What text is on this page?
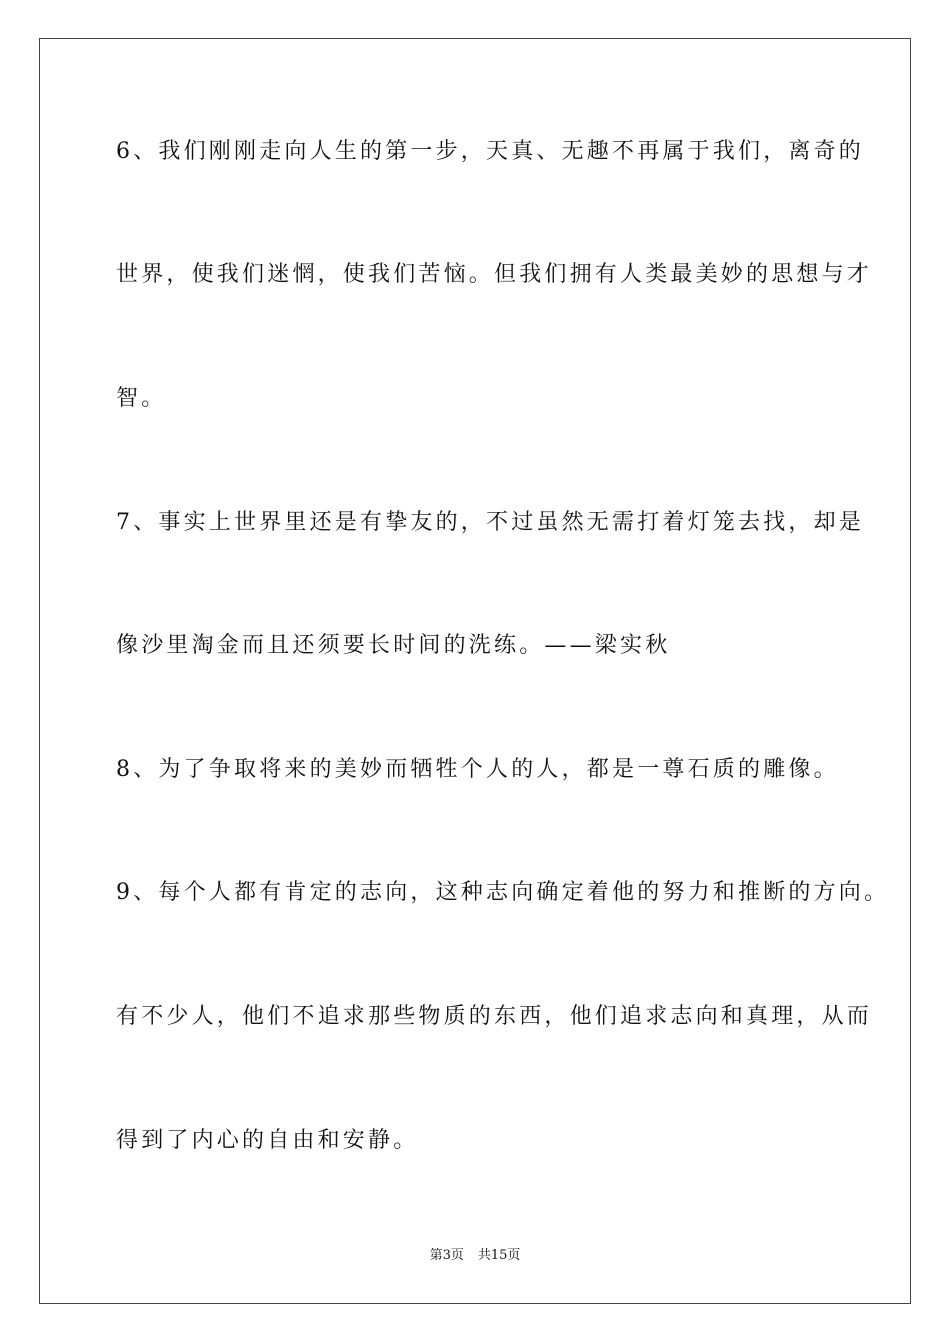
6、我们刚刚走向人生的第一步，天真、无趣不再属于我们，离奇的
世界，使我们迷惘，使我们苦恼。但我们拥有人类最美妙的思想与才
智。
7、事实上世界里还是有挚友的，不过虽然无需打着灯笼去找，却是
像沙里淘金而且还须要长时间的洗练。——梁实秋
8、为了争取将来的美妙而牺牲个人的人，都是一尊石质的雕像。
9、每个人都有肯定的志向，这种志向确定着他的努力和推断的方向。
有不少人，他们不追求那些物质的东西，他们追求志向和真理，从而
得到了内心的自由和安静。
第3页 共15页
